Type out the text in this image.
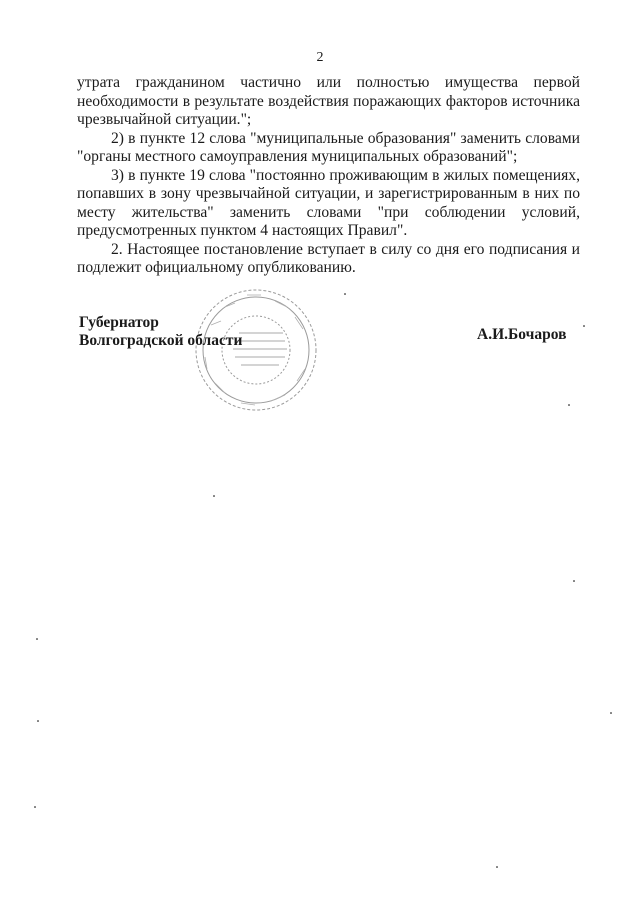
2

утрата гражданином частично или полностью имущества первой необходимости в результате воздействия поражающих факторов источника чрезвычайной ситуации.";

2) в пункте 12 слова "муниципальные образования" заменить словами "органы местного самоуправления муниципальных образований";

3) в пункте 19 слова "постоянно проживающим в жилых помещениях, попавших в зону чрезвычайной ситуации, и зарегистрированным в них по месту жительства" заменить словами "при соблюдении условий, предусмотренных пунктом 4 настоящих Правил".

2. Настоящее постановление вступает в силу со дня его подписания и подлежит официальному опубликованию.

Губернатор
Волгоградской области	А.И.Бочаров
